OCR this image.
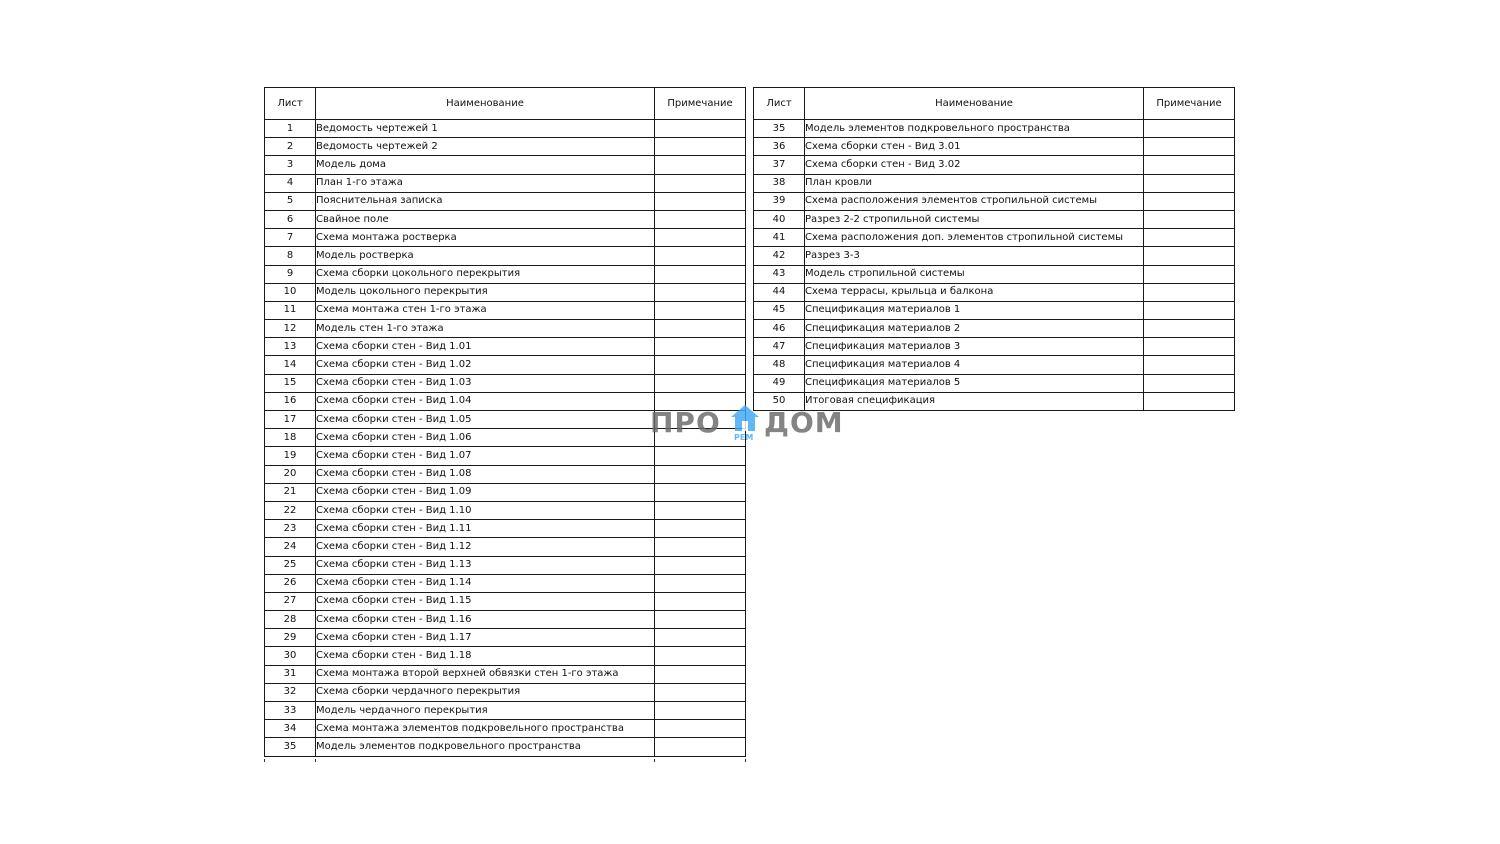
Лист	Наименование	Примечание
1	Ведомость чертежей 1	
2	Ведомость чертежей 2	
3	Модель дома	
4	План 1-го этажа	
5	Пояснительная записка	
6	Свайное поле	
7	Схема монтажа ростверка	
8	Модель ростверка	
9	Схема сборки цокольного перекрытия	
10	Модель цокольного перекрытия	
11	Схема монтажа стен 1-го этажа	
12	Модель стен 1-го этажа	
13	Схема сборки стен - Вид 1.01	
14	Схема сборки стен - Вид 1.02	
15	Схема сборки стен - Вид 1.03	
16	Схема сборки стен - Вид 1.04	
17	Схема сборки стен - Вид 1.05	
18	Схема сборки стен - Вид 1.06	
19	Схема сборки стен - Вид 1.07	
20	Схема сборки стен - Вид 1.08	
21	Схема сборки стен - Вид 1.09	
22	Схема сборки стен - Вид 1.10	
23	Схема сборки стен - Вид 1.11	
24	Схема сборки стен - Вид 1.12	
25	Схема сборки стен - Вид 1.13	
26	Схема сборки стен - Вид 1.14	
27	Схема сборки стен - Вид 1.15	
28	Схема сборки стен - Вид 1.16	
29	Схема сборки стен - Вид 1.17	
30	Схема сборки стен - Вид 1.18	
31	Схема монтажа второй верхней обвязки стен 1-го этажа	
32	Схема сборки чердачного перекрытия	
33	Модель чердачного перекрытия	
34	Схема монтажа элементов подкровельного пространства	
35	Модель элементов подкровельного пространства	
Лист	Наименование	Примечание
35	Модель элементов подкровельного пространства	
36	Схема сборки стен - Вид 3.01	
37	Схема сборки стен - Вид 3.02	
38	План кровли	
39	Схема расположения элементов стропильной системы	
40	Разрез 2-2 стропильной системы	
41	Схема расположения доп. элементов стропильной системы	
42	Разрез 3-3	
43	Модель стропильной системы	
44	Схема террасы, крыльца и балкона	
45	Спецификация материалов 1	
46	Спецификация материалов 2	
47	Спецификация материалов 3	
48	Спецификация материалов 4	
49	Спецификация материалов 5	
50	Итоговая спецификация	
ПРО РЕМ ДОМ
